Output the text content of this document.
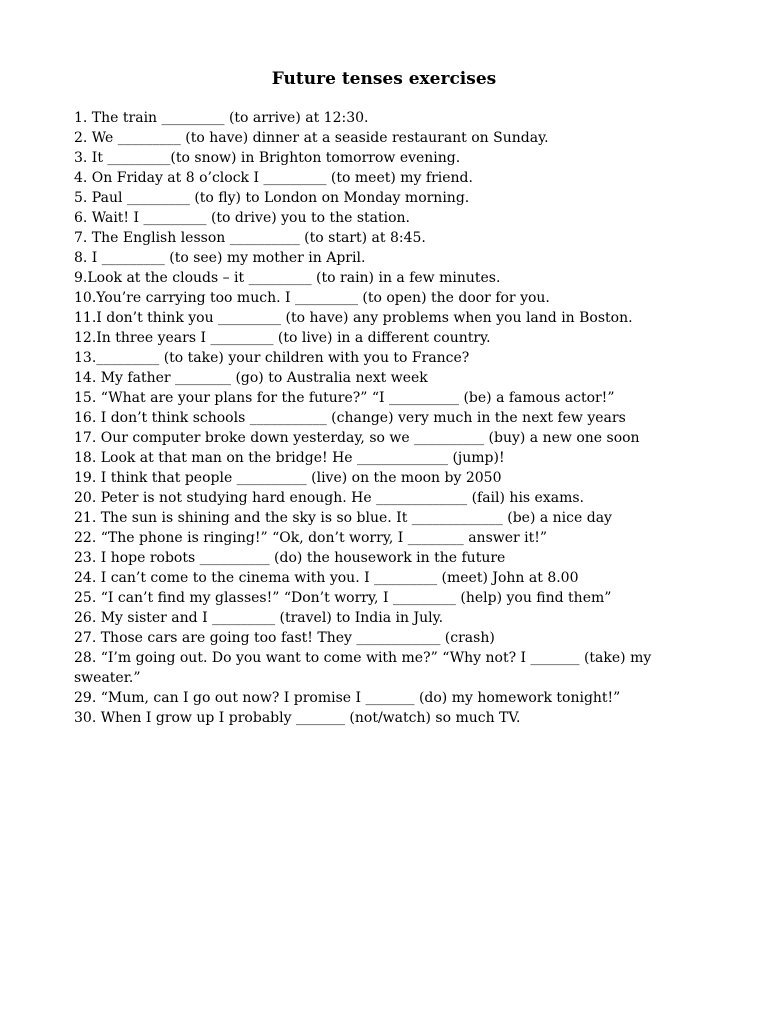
Future tenses exercises
1. The train _________ (to arrive) at 12:30.
2. We _________ (to have) dinner at a seaside restaurant on Sunday.
3. It _________(to snow) in Brighton tomorrow evening.
4. On Friday at 8 o’clock I _________ (to meet) my friend.
5. Paul _________ (to fly) to London on Monday morning.
6. Wait! I _________ (to drive) you to the station.
7. The English lesson __________ (to start) at 8:45.
8. I _________ (to see) my mother in April.
9.Look at the clouds – it _________ (to rain) in a few minutes.
10.You’re carrying too much. I _________ (to open) the door for you.
11.I don’t think you _________ (to have) any problems when you land in Boston.
12.In three years I _________ (to live) in a different country.
13._________ (to take) your children with you to France?
14. My father ________ (go) to Australia next week
15. “What are your plans for the future?” “I __________ (be) a famous actor!”
16. I don’t think schools ___________ (change) very much in the next few years
17. Our computer broke down yesterday, so we __________ (buy) a new one soon
18. Look at that man on the bridge! He _____________ (jump)!
19. I think that people __________ (live) on the moon by 2050
20. Peter is not studying hard enough. He _____________ (fail) his exams.
21. The sun is shining and the sky is so blue. It _____________ (be) a nice day
22. “The phone is ringing!” “Ok, don’t worry, I ________ answer it!”
23. I hope robots __________ (do) the housework in the future
24. I can’t come to the cinema with you. I _________ (meet) John at 8.00
25. “I can’t find my glasses!” “Don’t worry, I _________ (help) you find them”
26. My sister and I _________ (travel) to India in July.
27. Those cars are going too fast! They ____________ (crash)
28. “I’m going out. Do you want to come with me?” “Why not? I _______ (take) my sweater.”
29. “Mum, can I go out now? I promise I _______ (do) my homework tonight!”
30. When I grow up I probably _______ (not/watch) so much TV.
